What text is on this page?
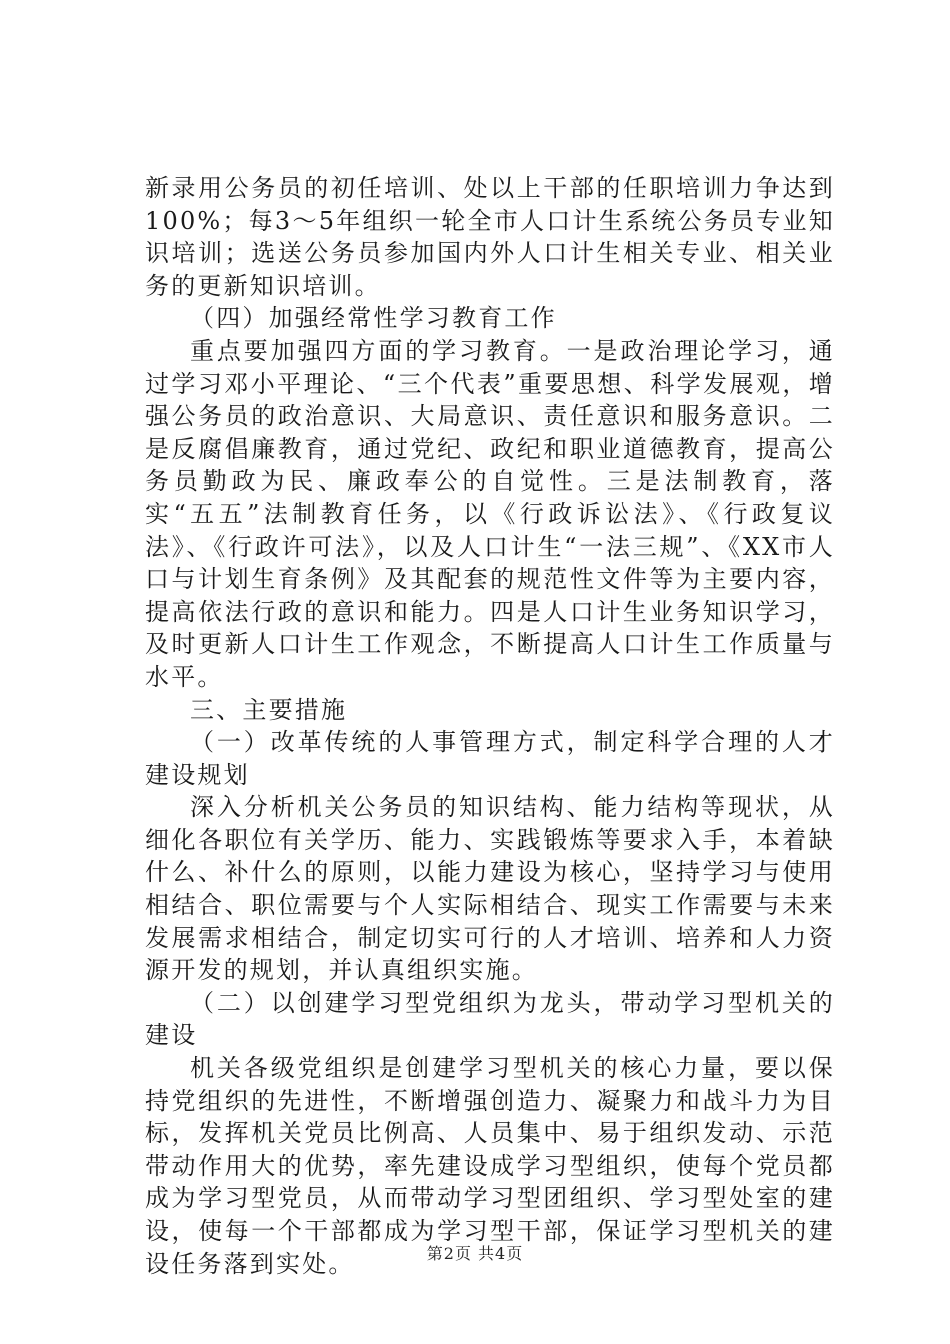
新录用公务员的初任培训、处以上干部的任职培训力争达到100%；每3～5年组织一轮全市人口计生系统公务员专业知识培训；选送公务员参加国内外人口计生相关专业、相关业务的更新知识培训。

（四）加强经常性学习教育工作

重点要加强四方面的学习教育。一是政治理论学习，通过学习邓小平理论、“三个代表”重要思想、科学发展观，增强公务员的政治意识、大局意识、责任意识和服务意识。二是反腐倡廉教育，通过党纪、政纪和职业道德教育，提高公务员勤政为民、廉政奉公的自觉性。三是法制教育，落实“五五”法制教育任务，以《行政诉讼法》、《行政复议法》、《行政许可法》，以及人口计生“一法三规”、《XX市人口与计划生育条例》及其配套的规范性文件等为主要内容，提高依法行政的意识和能力。四是人口计生业务知识学习，及时更新人口计生工作观念，不断提高人口计生工作质量与水平。

三、主要措施

（一）改革传统的人事管理方式，制定科学合理的人才建设规划

深入分析机关公务员的知识结构、能力结构等现状，从细化各职位有关学历、能力、实践锻炼等要求入手，本着缺什么、补什么的原则，以能力建设为核心，坚持学习与使用相结合、职位需要与个人实际相结合、现实工作需要与未来发展需求相结合，制定切实可行的人才培训、培养和人力资源开发的规划，并认真组织实施。

（二）以创建学习型党组织为龙头，带动学习型机关的建设

机关各级党组织是创建学习型机关的核心力量，要以保持党组织的先进性，不断增强创造力、凝聚力和战斗力为目标，发挥机关党员比例高、人员集中、易于组织发动、示范带动作用大的优势，率先建设成学习型组织，使每个党员都成为学习型党员，从而带动学习型团组织、学习型处室的建设，使每一个干部都成为学习型干部，保证学习型机关的建设任务落到实处。	第2页 共4页
